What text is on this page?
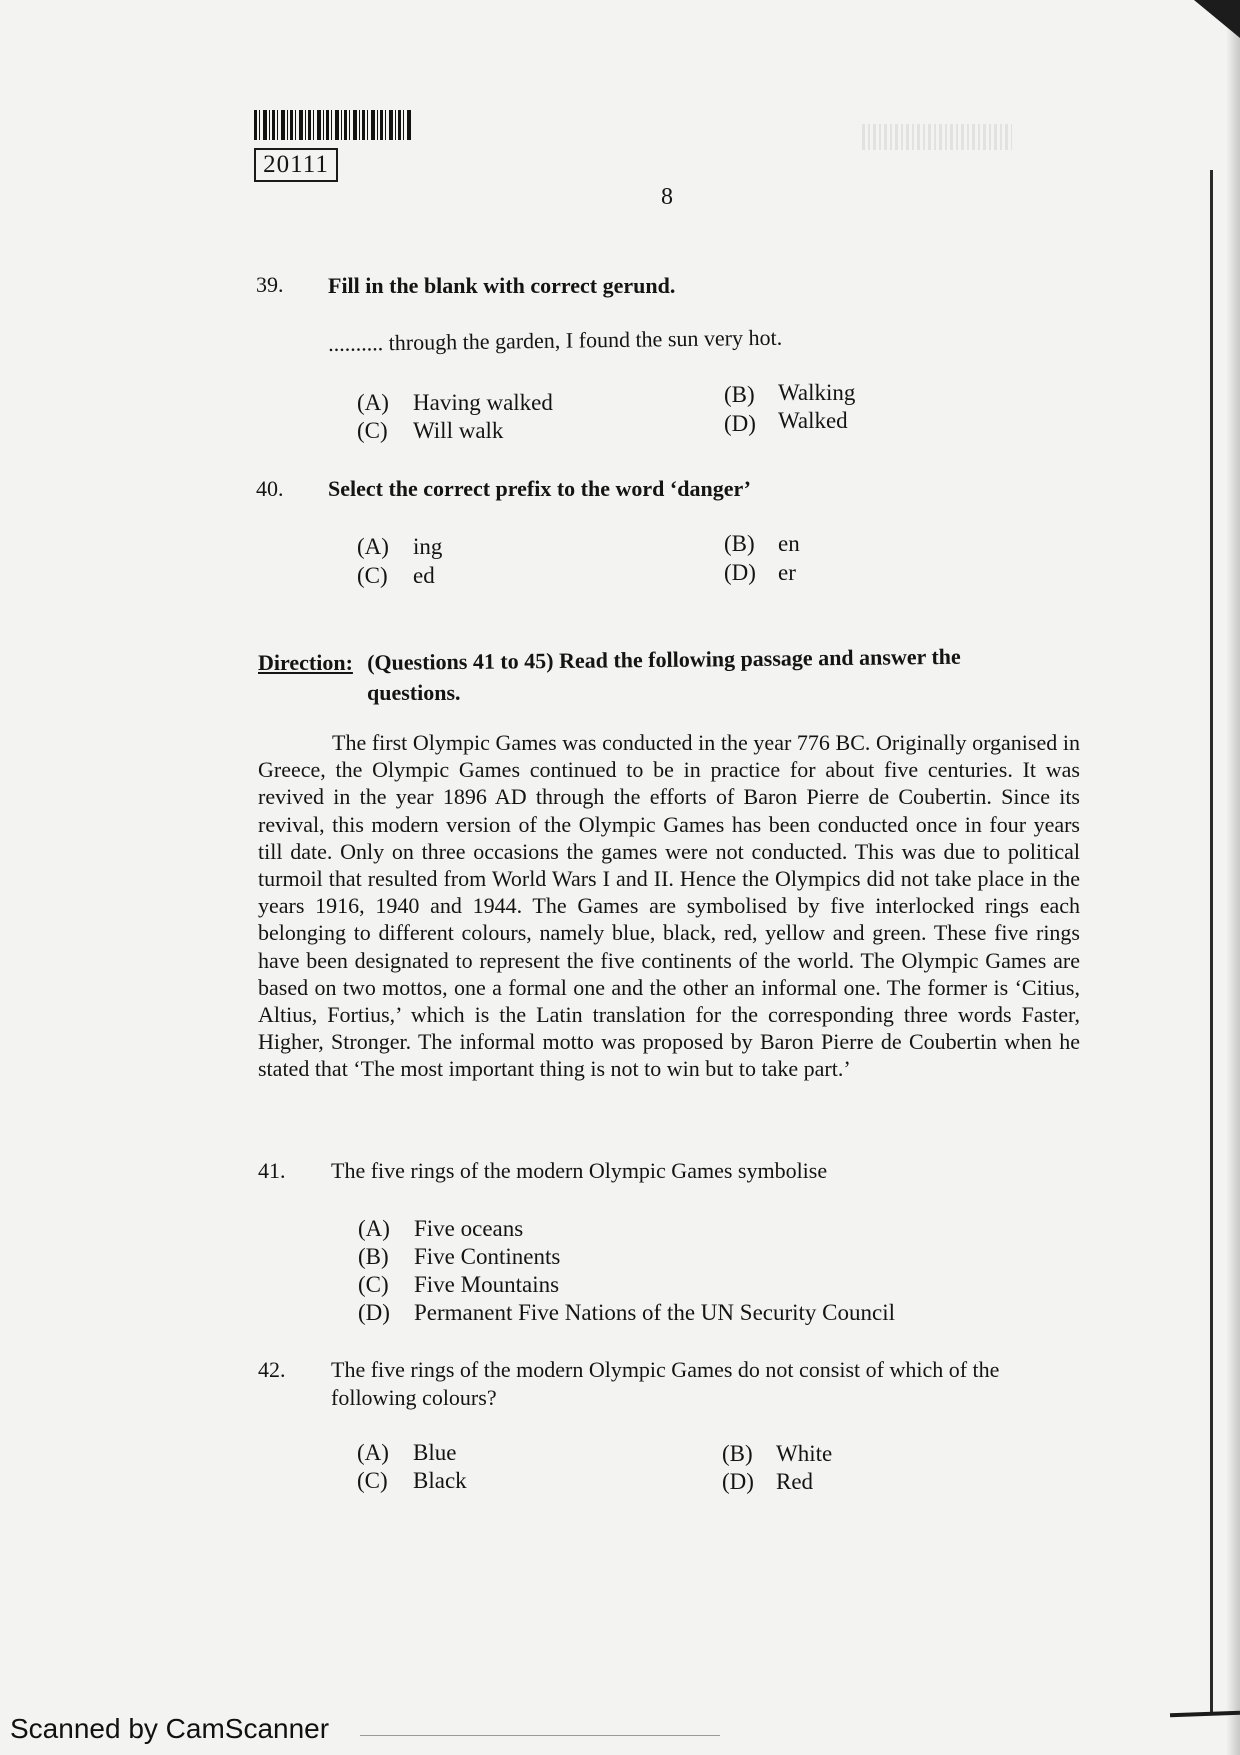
20111
8
39. Fill in the blank with correct gerund.
.......... through the garden, I found the sun very hot.
(A) Having walked	(B) Walking
(C) Will walk	(D) Walked
40. Select the correct prefix to the word ‘danger’
(A) ing	(B) en
(C) ed	(D) er
Direction: (Questions 41 to 45) Read the following passage and answer the
questions.

The first Olympic Games was conducted in the year 776 BC. Originally organised in Greece, the Olympic Games continued to be in practice for about five centuries. It was revived in the year 1896 AD through the efforts of Baron Pierre de Coubertin. Since its revival, this modern version of the Olympic Games has been conducted once in four years till date. Only on three occasions the games were not conducted. This was due to political turmoil that resulted from World Wars I and II. Hence the Olympics did not take place in the years 1916, 1940 and 1944. The Games are symbolised by five interlocked rings each belonging to different colours, namely blue, black, red, yellow and green. These five rings have been designated to represent the five continents of the world. The Olympic Games are based on two mottos, one a formal one and the other an informal one. The former is ‘Citius, Altius, Fortius,’ which is the Latin translation for the corresponding three words Faster, Higher, Stronger. The informal motto was proposed by Baron Pierre de Coubertin when he stated that ‘The most important thing is not to win but to take part.’

41. The five rings of the modern Olympic Games symbolise
(A) Five oceans
(B) Five Continents
(C) Five Mountains
(D) Permanent Five Nations of the UN Security Council
42. The five rings of the modern Olympic Games do not consist of which of the
following colours?
(A) Blue	(B) White
(C) Black	(D) Red
Scanned by CamScanner
